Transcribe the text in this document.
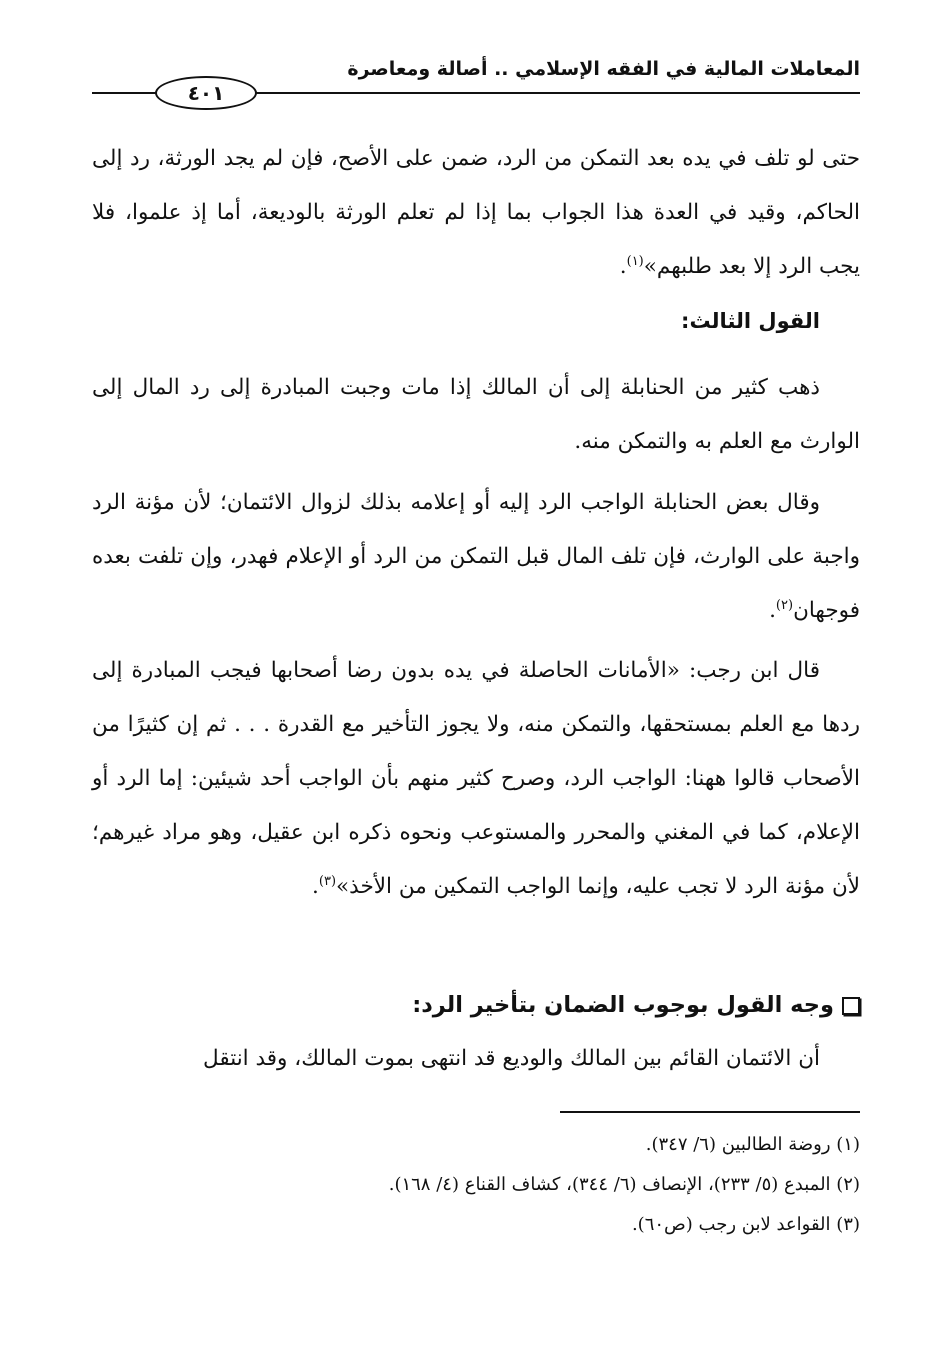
المعاملات المالية في الفقه الإسلامي .. أصالة ومعاصرة
٤٠١

حتى لو تلف في يده بعد التمكن من الرد، ضمن على الأصح، فإن لم يجد الورثة، رد إلى الحاكم، وقيد في العدة هذا الجواب بما إذا لم تعلم الورثة بالوديعة، أما إذ علموا، فلا يجب الرد إلا بعد طلبهم»$^{(١)}$.

القول الثالث:

ذهب كثير من الحنابلة إلى أن المالك إذا مات وجبت المبادرة إلى رد المال إلى الوارث مع العلم به والتمكن منه.

وقال بعض الحنابلة الواجب الرد إليه أو إعلامه بذلك لزوال الائتمان؛ لأن مؤنة الرد واجبة على الوارث، فإن تلف المال قبل التمكن من الرد أو الإعلام فهدر، وإن تلفت بعده فوجهان$^{(٢)}$.

قال ابن رجب: «الأمانات الحاصلة في يده بدون رضا أصحابها فيجب المبادرة إلى ردها مع العلم بمستحقها، والتمكن منه، ولا يجوز التأخير مع القدرة . . . ثم إن كثيرًا من الأصحاب قالوا ههنا: الواجب الرد، وصرح كثير منهم بأن الواجب أحد شيئين: إما الرد أو الإعلام، كما في المغني والمحرر والمستوعب ونحوه ذكره ابن عقيل، وهو مراد غيرهم؛ لأن مؤنة الرد لا تجب عليه، وإنما الواجب التمكين من الأخذ»$^{(٣)}$.

وجه القول بوجوب الضمان بتأخير الرد:

أن الائتمان القائم بين المالك والوديع قد انتهى بموت المالك، وقد انتقل

(١) روضة الطالبين (٦/ ٣٤٧).
(٢) المبدع (٥/ ٢٣٣)، الإنصاف (٦/ ٣٤٤)، كشاف القناع (٤/ ١٦٨).
(٣) القواعد لابن رجب (ص٦٠).
